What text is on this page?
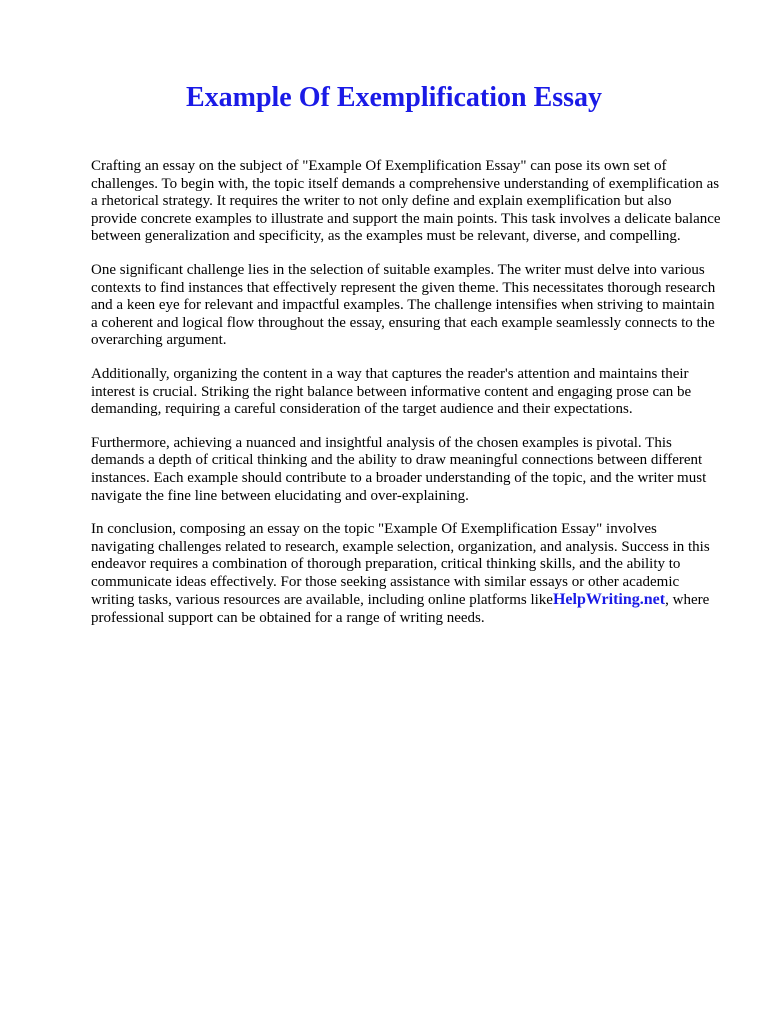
Example Of Exemplification Essay

Crafting an essay on the subject of "Example Of Exemplification Essay" can pose its own set of challenges. To begin with, the topic itself demands a comprehensive understanding of exemplification as a rhetorical strategy. It requires the writer to not only define and explain exemplification but also provide concrete examples to illustrate and support the main points. This task involves a delicate balance between generalization and specificity, as the examples must be relevant, diverse, and compelling.

One significant challenge lies in the selection of suitable examples. The writer must delve into various contexts to find instances that effectively represent the given theme. This necessitates thorough research and a keen eye for relevant and impactful examples. The challenge intensifies when striving to maintain a coherent and logical flow throughout the essay, ensuring that each example seamlessly connects to the overarching argument.

Additionally, organizing the content in a way that captures the reader's attention and maintains their interest is crucial. Striking the right balance between informative content and engaging prose can be demanding, requiring a careful consideration of the target audience and their expectations.

Furthermore, achieving a nuanced and insightful analysis of the chosen examples is pivotal. This demands a depth of critical thinking and the ability to draw meaningful connections between different instances. Each example should contribute to a broader understanding of the topic, and the writer must navigate the fine line between elucidating and over-explaining.

In conclusion, composing an essay on the topic "Example Of Exemplification Essay" involves navigating challenges related to research, example selection, organization, and analysis. Success in this endeavor requires a combination of thorough preparation, critical thinking skills, and the ability to communicate ideas effectively. For those seeking assistance with similar essays or other academic writing tasks, various resources are available, including online platforms likeHelpWriting.net, where professional support can be obtained for a range of writing needs.
